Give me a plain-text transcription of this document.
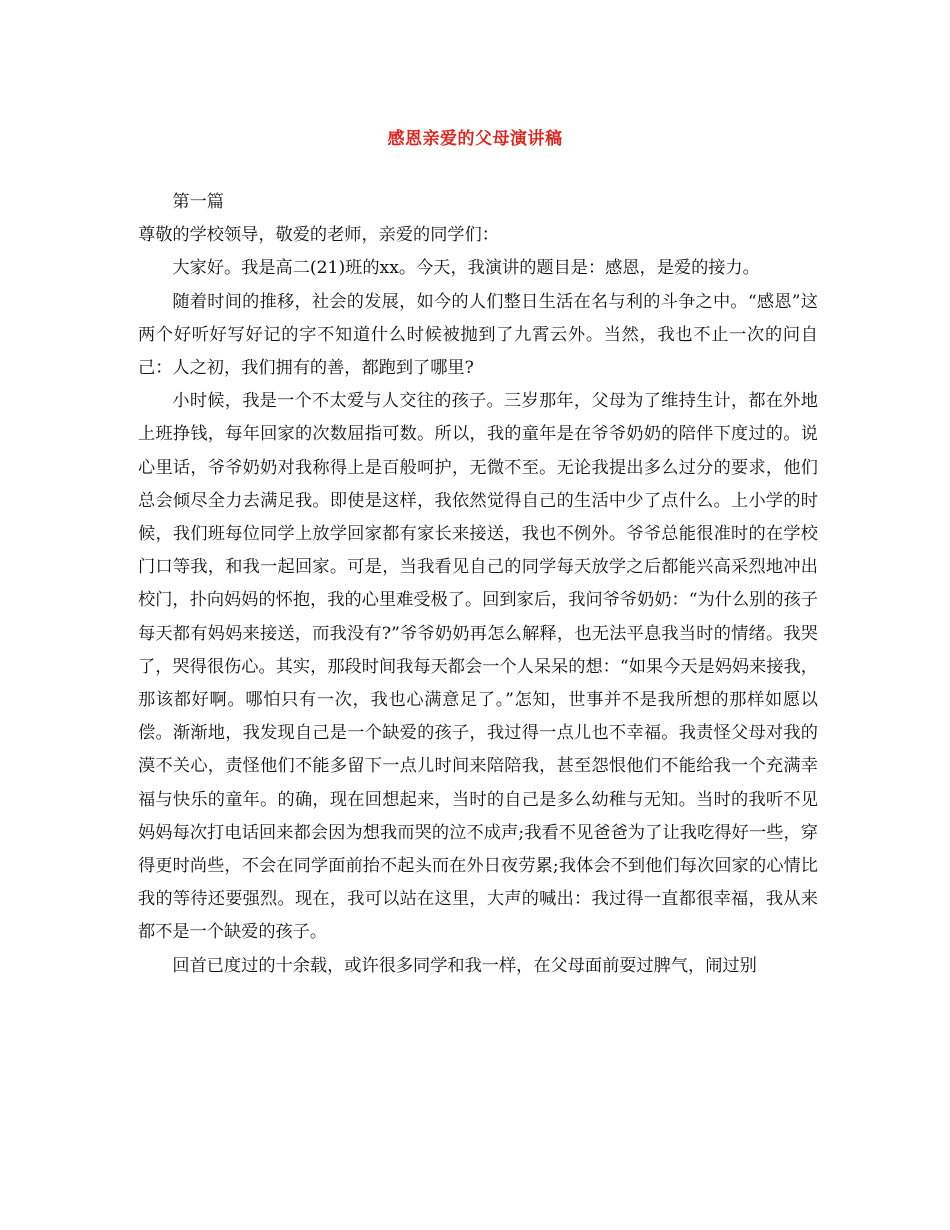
感恩亲爱的父母演讲稿

第一篇

尊敬的学校领导，敬爱的老师，亲爱的同学们：

大家好。我是高二(21)班的xx。今天，我演讲的题目是：感恩，是爱的接力。

随着时间的推移，社会的发展，如今的人们整日生活在名与利的斗争之中。“感恩”这两个好听好写好记的字不知道什么时候被抛到了九霄云外。当然，我也不止一次的问自己：人之初，我们拥有的善，都跑到了哪里?

小时候，我是一个不太爱与人交往的孩子。三岁那年，父母为了维持生计，都在外地上班挣钱，每年回家的次数屈指可数。所以，我的童年是在爷爷奶奶的陪伴下度过的。说心里话，爷爷奶奶对我称得上是百般呵护，无微不至。无论我提出多么过分的要求，他们总会倾尽全力去满足我。即使是这样，我依然觉得自己的生活中少了点什么。上小学的时候，我们班每位同学上放学回家都有家长来接送，我也不例外。爷爷总能很准时的在学校门口等我，和我一起回家。可是，当我看见自己的同学每天放学之后都能兴高采烈地冲出校门，扑向妈妈的怀抱，我的心里难受极了。回到家后，我问爷爷奶奶：“为什么别的孩子每天都有妈妈来接送，而我没有?”爷爷奶奶再怎么解释，也无法平息我当时的情绪。我哭了，哭得很伤心。其实，那段时间我每天都会一个人呆呆的想：“如果今天是妈妈来接我，那该都好啊。哪怕只有一次，我也心满意足了。”怎知，世事并不是我所想的那样如愿以偿。渐渐地，我发现自己是一个缺爱的孩子，我过得一点儿也不幸福。我责怪父母对我的漠不关心，责怪他们不能多留下一点儿时间来陪陪我，甚至怨恨他们不能给我一个充满幸福与快乐的童年。的确，现在回想起来，当时的自己是多么幼稚与无知。当时的我听不见妈妈每次打电话回来都会因为想我而哭的泣不成声;我看不见爸爸为了让我吃得好一些，穿得更时尚些，不会在同学面前抬不起头而在外日夜劳累;我体会不到他们每次回家的心情比我的等待还要强烈。现在，我可以站在这里，大声的喊出：我过得一直都很幸福，我从来都不是一个缺爱的孩子。

回首已度过的十余载，或许很多同学和我一样，在父母面前耍过脾气，闹过别
